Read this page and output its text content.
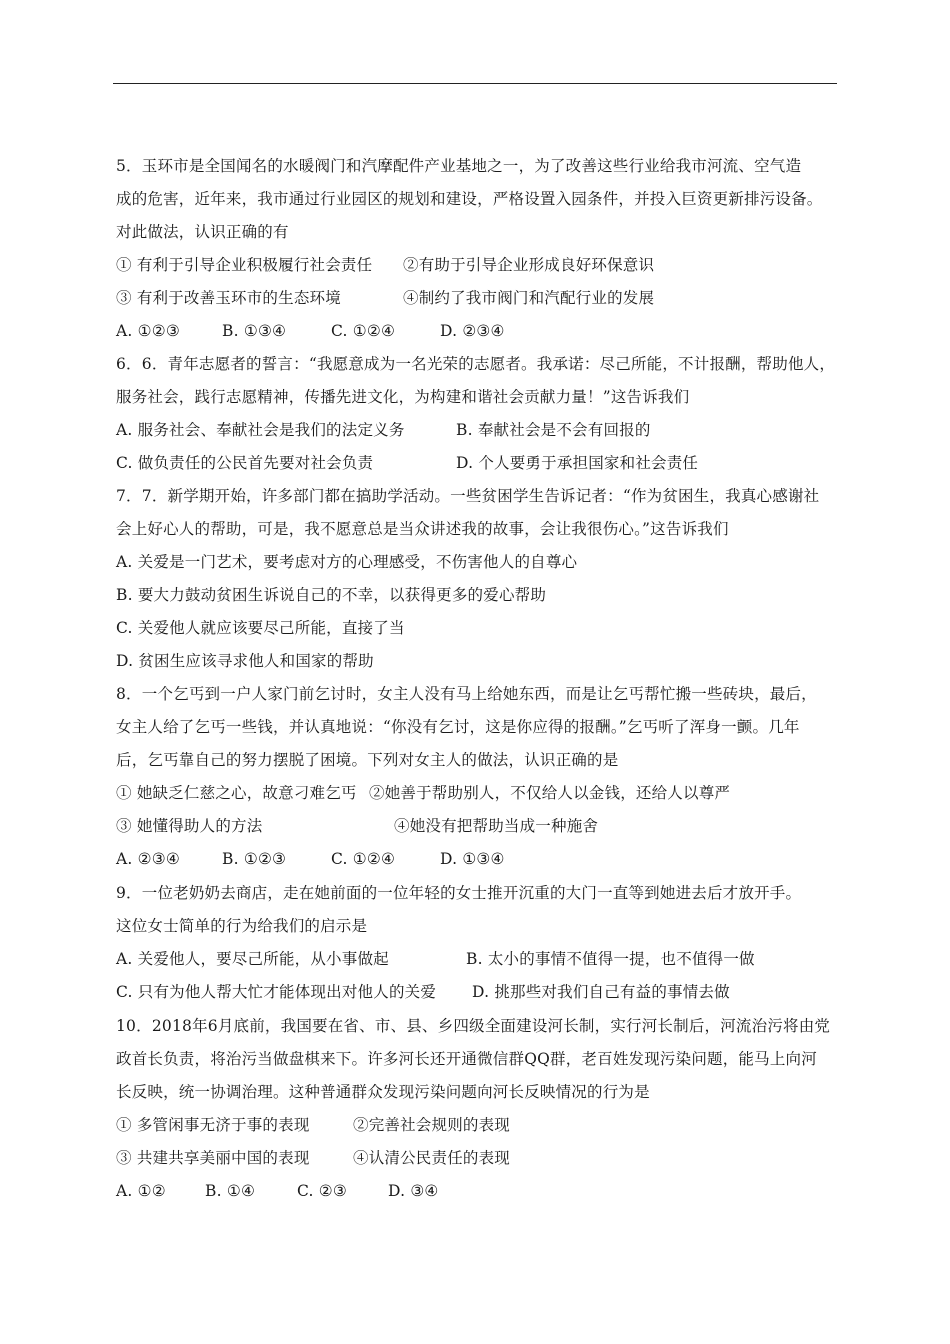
5．玉环市是全国闻名的水暖阀门和汽摩配件产业基地之一，为了改善这些行业给我市河流、空气造
成的危害，近年来，我市通过行业园区的规划和建设，严格设置入园条件，并投入巨资更新排污设备。
对此做法，认识正确的有
① 有利于引导企业积极履行社会责任 ②有助于引导企业形成良好环保意识
③ 有利于改善玉环市的生态环境	④制约了我市阀门和汽配行业的发展
A. ①②③	B. ①③④	C. ①②④	D. ②③④
6．6．青年志愿者的誓言：“我愿意成为一名光荣的志愿者。我承诺：尽己所能，不计报酬，帮助他人，
服务社会，践行志愿精神，传播先进文化，为构建和谐社会贡献力量！”这告诉我们
A. 服务社会、奉献社会是我们的法定义务	B. 奉献社会是不会有回报的
C. 做负责任的公民首先要对社会负责	D. 个人要勇于承担国家和社会责任
7．7．新学期开始，许多部门都在搞助学活动。一些贫困学生告诉记者：“作为贫困生，我真心感谢社
会上好心人的帮助，可是，我不愿意总是当众讲述我的故事，会让我很伤心。”这告诉我们
A. 关爱是一门艺术，要考虑对方的心理感受，不伤害他人的自尊心
B. 要大力鼓动贫困生诉说自己的不幸，以获得更多的爱心帮助
C. 关爱他人就应该要尽己所能，直接了当
D. 贫困生应该寻求他人和国家的帮助
8．一个乞丐到一户人家门前乞讨时，女主人没有马上给她东西，而是让乞丐帮忙搬一些砖块，最后，
女主人给了乞丐一些钱，并认真地说：“你没有乞讨，这是你应得的报酬。”乞丐听了浑身一颤。几年
后，乞丐靠自己的努力摆脱了困境。下列对女主人的做法，认识正确的是
① 她缺乏仁慈之心，故意刁难乞丐 ②她善于帮助别人，不仅给人以金钱，还给人以尊严
③ 她懂得助人的方法	④她没有把帮助当成一种施舍
A. ②③④	B. ①②③	C. ①②④	D. ①③④
9．一位老奶奶去商店，走在她前面的一位年轻的女士推开沉重的大门一直等到她进去后才放开手。
这位女士简单的行为给我们的启示是
A. 关爱他人，要尽己所能，从小事做起	B. 太小的事情不值得一提，也不值得一做
C. 只有为他人帮大忙才能体现出对他人的关爱 D. 挑那些对我们自己有益的事情去做
10．2018年6月底前，我国要在省、市、县、乡四级全面建设河长制，实行河长制后，河流治污将由党
政首长负责，将治污当做盘棋来下。许多河长还开通微信群QQ群，老百姓发现污染问题，能马上向河
长反映，统一协调治理。这种普通群众发现污染问题向河长反映情况的行为是
① 多管闲事无济于事的表现	②完善社会规则的表现
③ 共建共享美丽中国的表现	④认清公民责任的表现
A. ①②	B. ①④	C. ②③	D. ③④
